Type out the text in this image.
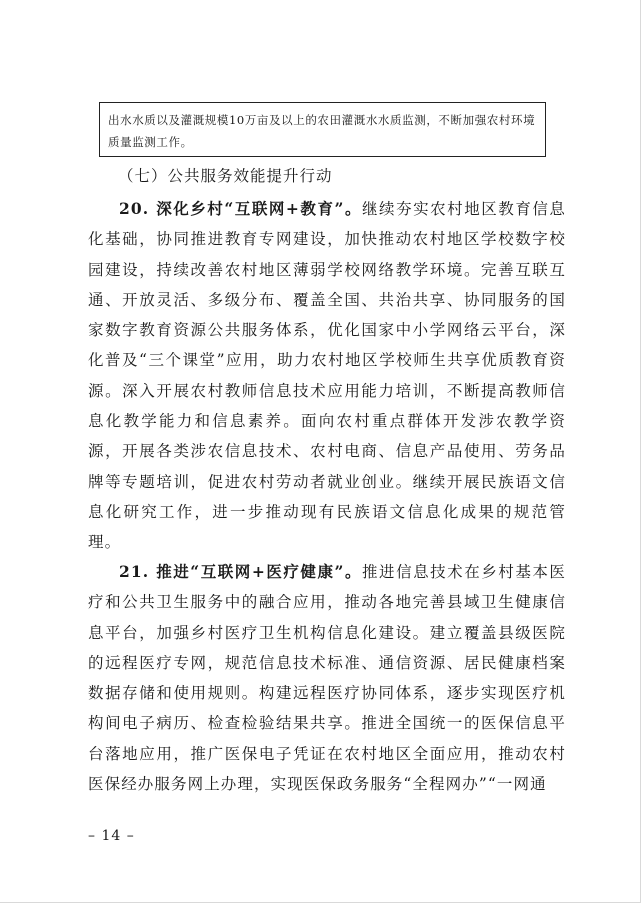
出水水质以及灌溉规模10万亩及以上的农田灌溉水水质监测，不断加强农村环境质量监测工作。
（七）公共服务效能提升行动
20. 深化乡村“互联网+教育”。继续夯实农村地区教育信息化基础，协同推进教育专网建设，加快推动农村地区学校数字校园建设，持续改善农村地区薄弱学校网络教学环境。完善互联互通、开放灵活、多级分布、覆盖全国、共治共享、协同服务的国家数字教育资源公共服务体系，优化国家中小学网络云平台，深化普及“三个课堂”应用，助力农村地区学校师生共享优质教育资源。深入开展农村教师信息技术应用能力培训，不断提高教师信息化教学能力和信息素养。面向农村重点群体开发涉农教学资源，开展各类涉农信息技术、农村电商、信息产品使用、劳务品牌等专题培训，促进农村劳动者就业创业。继续开展民族语文信息化研究工作，进一步推动现有民族语文信息化成果的规范管理。
21. 推进“互联网+医疗健康”。推进信息技术在乡村基本医疗和公共卫生服务中的融合应用，推动各地完善县域卫生健康信息平台，加强乡村医疗卫生机构信息化建设。建立覆盖县级医院的远程医疗专网，规范信息技术标准、通信资源、居民健康档案数据存储和使用规则。构建远程医疗协同体系，逐步实现医疗机构间电子病历、检查检验结果共享。推进全国统一的医保信息平台落地应用，推广医保电子凭证在农村地区全面应用，推动农村医保经办服务网上办理，实现医保政务服务“全程网办”“一网通
– 14 –
